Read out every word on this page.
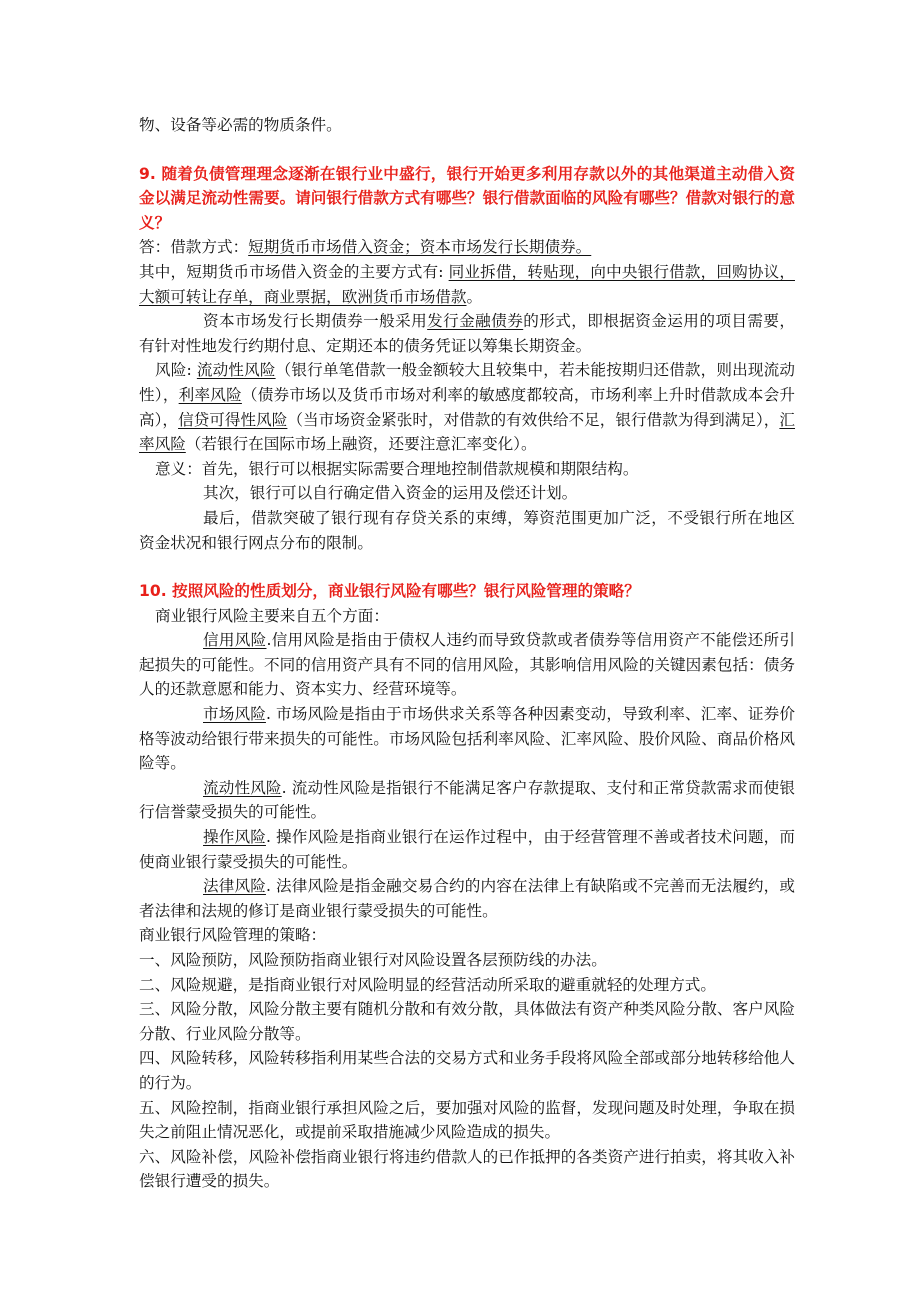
物、设备等必需的物质条件。

9. 随着负债管理理念逐渐在银行业中盛行，银行开始更多利用存款以外的其他渠道主动借入资金以满足流动性需要。请问银行借款方式有哪些？银行借款面临的风险有哪些？借款对银行的意义？

答：借款方式：短期货币市场借入资金；资本市场发行长期债券。

其中，短期货币市场借入资金的主要方式有: 同业拆借，转贴现，向中央银行借款，回购协议，大额可转让存单，商业票据，欧洲货币市场借款。

资本市场发行长期债券一般采用发行金融债券的形式，即根据资金运用的项目需要，有针对性地发行约期付息、定期还本的债务凭证以筹集长期资金。

风险: 流动性风险（银行单笔借款一般金额较大且较集中，若未能按期归还借款，则出现流动性），利率风险（债券市场以及货币市场对利率的敏感度都较高，市场利率上升时借款成本会升高），信贷可得性风险（当市场资金紧张时，对借款的有效供给不足，银行借款为得到满足），汇率风险（若银行在国际市场上融资，还要注意汇率变化）。

意义：首先，银行可以根据实际需要合理地控制借款规模和期限结构。

其次，银行可以自行确定借入资金的运用及偿还计划。

最后，借款突破了银行现有存贷关系的束缚，筹资范围更加广泛，不受银行所在地区资金状况和银行网点分布的限制。

10. 按照风险的性质划分，商业银行风险有哪些？银行风险管理的策略？

商业银行风险主要来自五个方面：

信用风险.信用风险是指由于债权人违约而导致贷款或者债券等信用资产不能偿还所引起损失的可能性。不同的信用资产具有不同的信用风险，其影响信用风险的关键因素包括：债务人的还款意愿和能力、资本实力、经营环境等。

市场风险. 市场风险是指由于市场供求关系等各种因素变动，导致利率、汇率、证券价格等波动给银行带来损失的可能性。市场风险包括利率风险、汇率风险、股价风险、商品价格风险等。

流动性风险. 流动性风险是指银行不能满足客户存款提取、支付和正常贷款需求而使银行信誉蒙受损失的可能性。

操作风险. 操作风险是指商业银行在运作过程中，由于经营管理不善或者技术问题，而使商业银行蒙受损失的可能性。

法律风险. 法律风险是指金融交易合约的内容在法律上有缺陷或不完善而无法履约，或者法律和法规的修订是商业银行蒙受损失的可能性。

商业银行风险管理的策略：

一、风险预防，风险预防指商业银行对风险设置各层预防线的办法。

二、风险规避，是指商业银行对风险明显的经营活动所采取的避重就轻的处理方式。

三、风险分散，风险分散主要有随机分散和有效分散，具体做法有资产种类风险分散、客户风险分散、行业风险分散等。

四、风险转移，风险转移指利用某些合法的交易方式和业务手段将风险全部或部分地转移给他人的行为。

五、风险控制，指商业银行承担风险之后，要加强对风险的监督，发现问题及时处理，争取在损失之前阻止情况恶化，或提前采取措施减少风险造成的损失。

六、风险补偿，风险补偿指商业银行将违约借款人的已作抵押的各类资产进行拍卖，将其收入补偿银行遭受的损失。
